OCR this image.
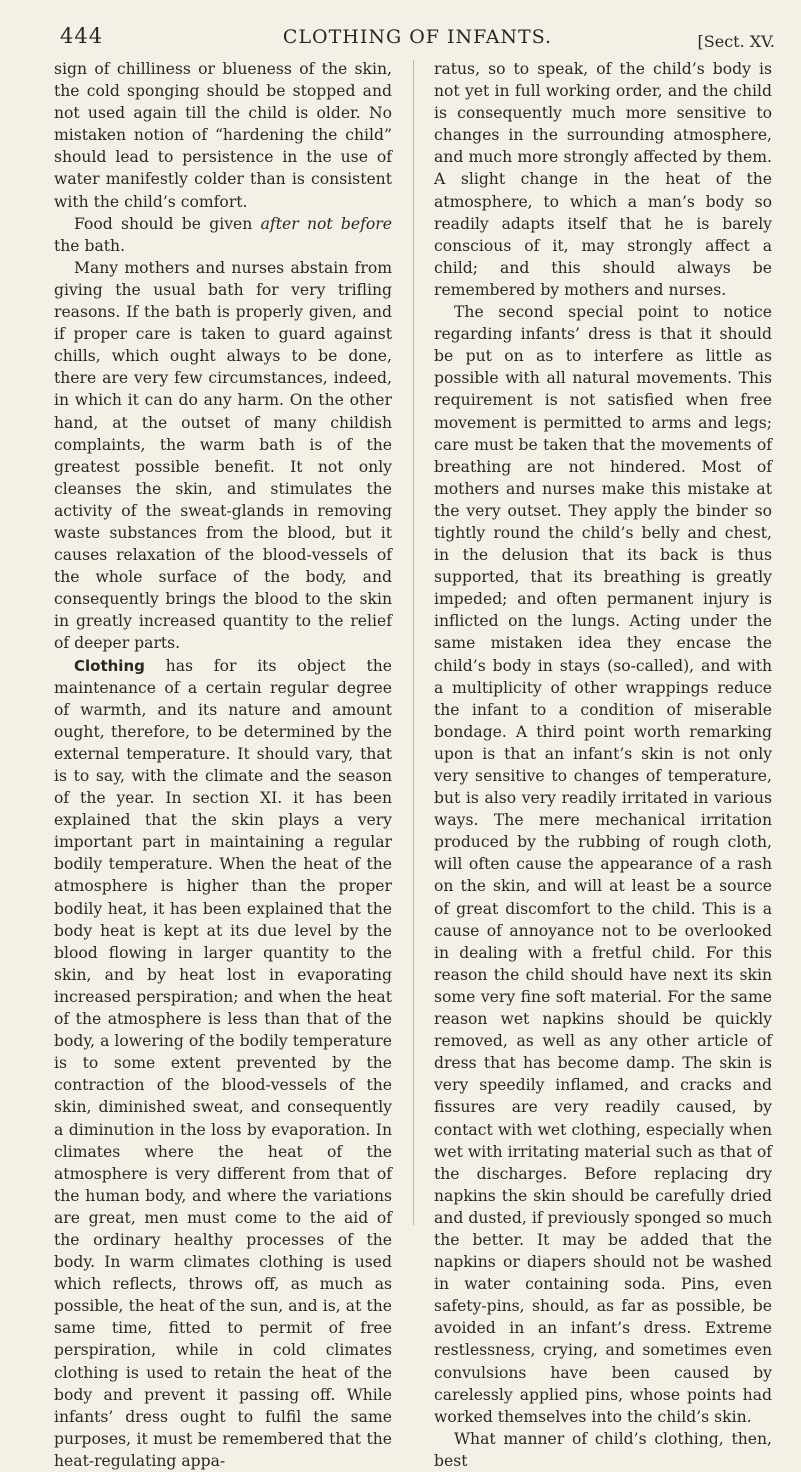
444	CLOTHING OF INFANTS.	[Sect. XV.

sign of chilliness or blueness of the skin, the cold sponging should be stopped and not used again till the child is older. No mistaken notion of “hardening the child” should lead to persistence in the use of water manifestly colder than is consistent with the child’s comfort.

Food should be given after not before the bath.

Many mothers and nurses abstain from giving the usual bath for very trifling reasons. If the bath is properly given, and if proper care is taken to guard against chills, which ought always to be done, there are very few circumstances, indeed, in which it can do any harm. On the other hand, at the outset of many childish complaints, the warm bath is of the greatest possible benefit. It not only cleanses the skin, and stimulates the activity of the sweat-glands in removing waste substances from the blood, but it causes relaxation of the blood-vessels of the whole surface of the body, and consequently brings the blood to the skin in greatly increased quantity to the relief of deeper parts.

Clothing has for its object the maintenance of a certain regular degree of warmth, and its nature and amount ought, therefore, to be determined by the external temperature. It should vary, that is to say, with the climate and the season of the year. In section XI. it has been explained that the skin plays a very important part in maintaining a regular bodily temperature. When the heat of the atmosphere is higher than the proper bodily heat, it has been explained that the body heat is kept at its due level by the blood flowing in larger quantity to the skin, and by heat lost in evaporating increased perspiration; and when the heat of the atmosphere is less than that of the body, a lowering of the bodily temperature is to some extent prevented by the contraction of the blood-vessels of the skin, diminished sweat, and consequently a diminution in the loss by evaporation. In climates where the heat of the atmosphere is very different from that of the human body, and where the variations are great, men must come to the aid of the ordinary healthy processes of the body. In warm climates clothing is used which reflects, throws off, as much as possible, the heat of the sun, and is, at the same time, fitted to permit of free perspiration, while in cold climates clothing is used to retain the heat of the body and prevent it passing off. While infants’ dress ought to fulfil the same purposes, it must be remembered that the heat-regulating appa-

ratus, so to speak, of the child’s body is not yet in full working order, and the child is consequently much more sensitive to changes in the surrounding atmosphere, and much more strongly affected by them. A slight change in the heat of the atmosphere, to which a man’s body so readily adapts itself that he is barely conscious of it, may strongly affect a child; and this should always be remembered by mothers and nurses.

The second special point to notice regarding infants’ dress is that it should be put on as to interfere as little as possible with all natural movements. This requirement is not satisfied when free movement is permitted to arms and legs; care must be taken that the movements of breathing are not hindered. Most of mothers and nurses make this mistake at the very outset. They apply the binder so tightly round the child’s belly and chest, in the delusion that its back is thus supported, that its breathing is greatly impeded; and often permanent injury is inflicted on the lungs. Acting under the same mistaken idea they encase the child’s body in stays (so-called), and with a multiplicity of other wrappings reduce the infant to a condition of miserable bondage. A third point worth remarking upon is that an infant’s skin is not only very sensitive to changes of temperature, but is also very readily irritated in various ways. The mere mechanical irritation produced by the rubbing of rough cloth, will often cause the appearance of a rash on the skin, and will at least be a source of great discomfort to the child. This is a cause of annoyance not to be overlooked in dealing with a fretful child. For this reason the child should have next its skin some very fine soft material. For the same reason wet napkins should be quickly removed, as well as any other article of dress that has become damp. The skin is very speedily inflamed, and cracks and fissures are very readily caused, by contact with wet clothing, especially when wet with irritating material such as that of the discharges. Before replacing dry napkins the skin should be carefully dried and dusted, if previously sponged so much the better. It may be added that the napkins or diapers should not be washed in water containing soda. Pins, even safety-pins, should, as far as possible, be avoided in an infant’s dress. Extreme restlessness, crying, and sometimes even convulsions have been caused by carelessly applied pins, whose points had worked themselves into the child’s skin.

What manner of child’s clothing, then, best
